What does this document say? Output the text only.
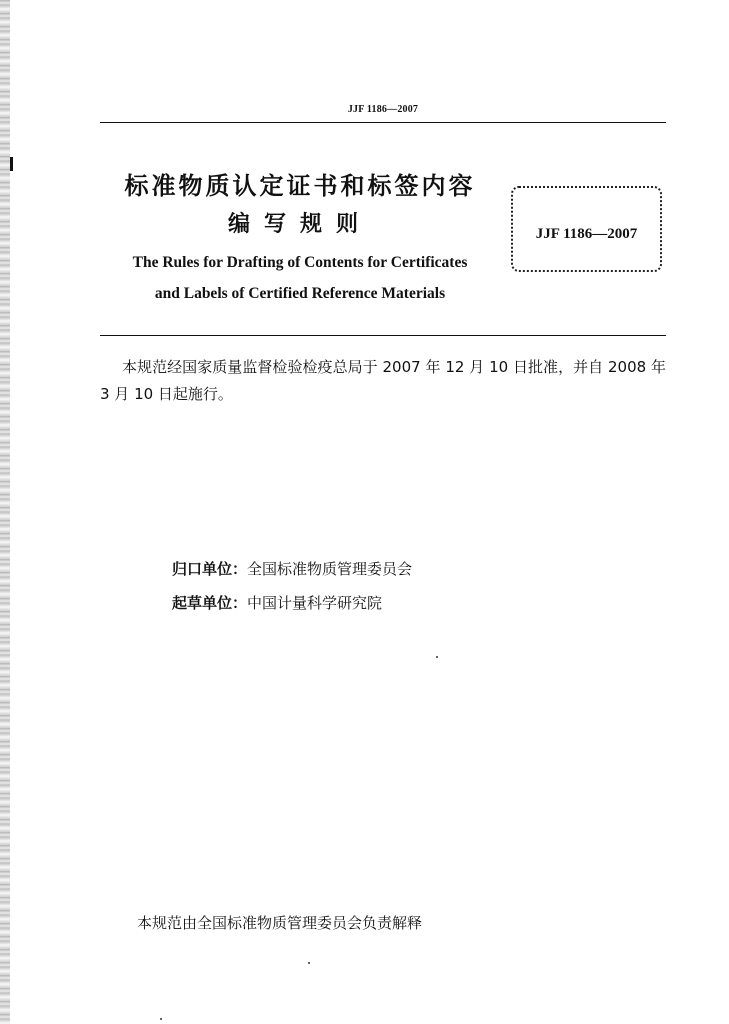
JJF 1186—2007
标准物质认定证书和标签内容
编写规则
The Rules for Drafting of Contents for Certificates
and Labels of Certified Reference Materials
JJF 1186—2007
本规范经国家质量监督检验检疫总局于 2007 年 12 月 10 日批准，并自 2008 年 3 月 10 日起施行。
归口单位：全国标准物质管理委员会
起草单位：中国计量科学研究院
本规范由全国标准物质管理委员会负责解释
